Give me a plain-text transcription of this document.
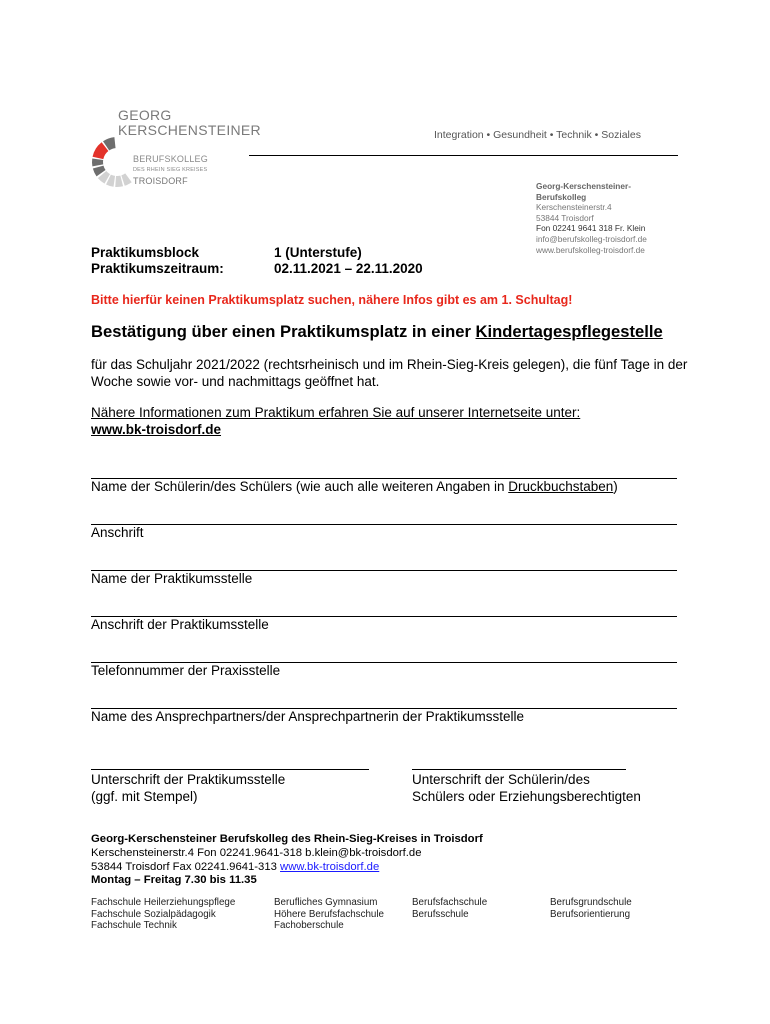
GEORG
KERSCHENSTEINER
BERUFSKOLLEG
DES RHEIN SIEG KREISES
TROISDORF
Integration • Gesundheit • Technik • Soziales
Georg-Kerschensteiner-
Berufskolleg
Kerschensteinerstr.4
53844 Troisdorf
Fon 02241 9641 318 Fr. Klein
info@berufskolleg-troisdorf.de
www.berufskolleg-troisdorf.de
Praktikumsblock
Praktikumszeitraum:
1 (Unterstufe)
02.11.2021 – 22.11.2020
Bitte hierfür keinen Praktikumsplatz suchen, nähere Infos gibt es am 1. Schultag!
Bestätigung über einen Praktikumsplatz in einer Kindertagespflegestelle
für das Schuljahr 2021/2022 (rechtsrheinisch und im Rhein-Sieg-Kreis gelegen), die fünf Tage in der Woche sowie vor- und nachmittags geöffnet hat.
Nähere Informationen zum Praktikum erfahren Sie auf unserer Internetseite unter:
www.bk-troisdorf.de
Name der Schülerin/des Schülers (wie auch alle weiteren Angaben in Druckbuchstaben)
Anschrift
Name der Praktikumsstelle
Anschrift der Praktikumsstelle
Telefonnummer der Praxisstelle
Name des Ansprechpartners/der Ansprechpartnerin der Praktikumsstelle
Unterschrift der Praktikumsstelle
(ggf. mit Stempel)
Unterschrift der Schülerin/des
Schülers oder Erziehungsberechtigten
Georg-Kerschensteiner Berufskolleg des Rhein-Sieg-Kreises in Troisdorf
Kerschensteinerstr.4 Fon 02241.9641-318 b.klein@bk-troisdorf.de
53844 Troisdorf Fax 02241.9641-313 www.bk-troisdorf.de
Montag – Freitag 7.30 bis 11.35
Fachschule Heilerziehungspflege
Fachschule Sozialpädagogik
Fachschule Technik
Berufliches Gymnasium
Höhere Berufsfachschule
Fachoberschule
Berufsfachschule
Berufsschule
Berufsgrundschule
Berufsorientierung
